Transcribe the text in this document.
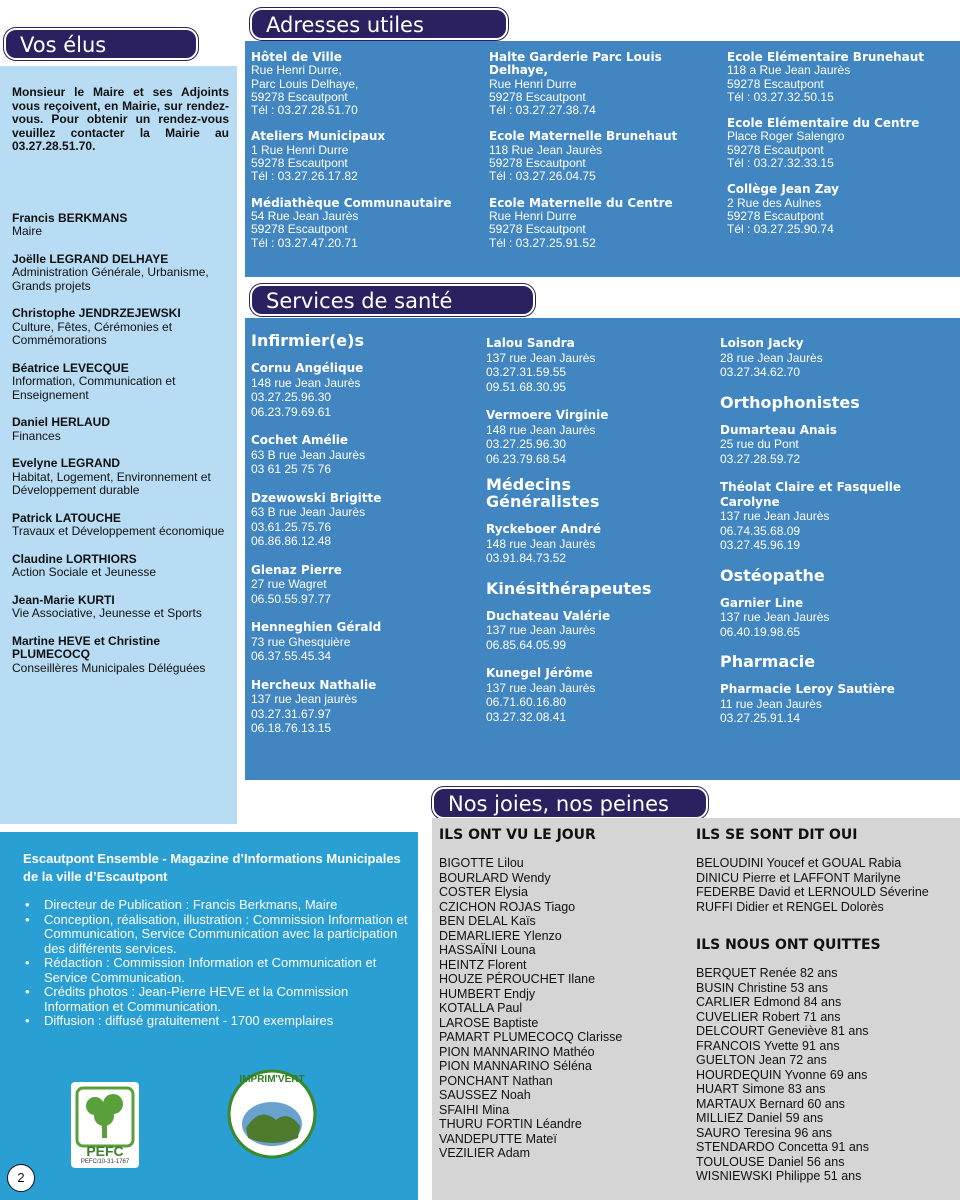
Vos élus
Adresses utiles
Services de santé
Nos joies, nos peines
Monsieur le Maire et ses Adjoints vous reçoivent, en Mairie, sur rendez-vous. Pour obtenir un rendez-vous veuillez contacter la Mairie au 03.27.28.51.70.
Francis BERKMANS
Maire
Joëlle LEGRAND DELHAYE
Administration Générale, Urbanisme, Grands projets
Christophe JENDRZEJEWSKI
Culture, Fêtes, Cérémonies et Commémorations
Béatrice LEVECQUE
Information, Communication et Enseignement
Daniel HERLAUD
Finances
Evelyne LEGRAND
Habitat, Logement, Environnement et Développement durable
Patrick LATOUCHE
Travaux et Développement économique
Claudine LORTHIORS
Action Sociale et Jeunesse
Jean-Marie KURTI
Vie Associative, Jeunesse et Sports
Martine HEVE et Christine PLUMECOCQ
Conseillères Municipales Déléguées
Hôtel de Ville
Rue Henri Durre,
Parc Louis Delhaye,
59278 Escautpont
Tél : 03.27.28.51.70
Ateliers Municipaux
1 Rue Henri Durre
59278 Escautpont
Tél : 03.27.26.17.82
Médiathèque Communautaire
54 Rue Jean Jaurès
59278 Escautpont
Tél : 03.27.47.20.71
Halte Garderie Parc Louis Delhaye,
Rue Henri Durre
59278 Escautpont
Tél : 03.27.27.38.74
Ecole Maternelle Brunehaut
118 Rue Jean Jaurès
59278 Escautpont
Tél : 03.27.26.04.75
Ecole Maternelle du Centre
Rue Henri Durre
59278 Escautpont
Tél : 03.27.25.91.52
Ecole Elémentaire Brunehaut
118 a Rue Jean Jaurès
59278 Escautpont
Tél : 03.27.32.50.15
Ecole Elémentaire du Centre
Place Roger Salengro
59278 Escautpont
Tél : 03.27.32.33.15
Collège Jean Zay
2 Rue des Aulnes
59278 Escautpont
Tél : 03.27.25.90.74
Infirmier(e)s
Cornu Angélique
148 rue Jean Jaurès
03.27.25.96.30
06.23.79.69.61
Cochet Amélie
63 B rue Jean Jaurès
03 61 25 75 76
Dzewowski Brigitte
63 B rue Jean Jaurès
03.61.25.75.76
06.86.86.12.48
Glenaz Pierre
27 rue Wagret
06.50.55.97.77
Henneghien Gérald
73 rue Ghesquière
06.37.55.45.34
Hercheux Nathalie
137 rue Jean jaurès
03.27.31.67.97
06.18.76.13.15
Lalou Sandra
137 rue Jean Jaurès
03.27.31.59.55
09.51.68.30.95
Vermoere Virginie
148 rue Jean Jaurès
03.27.25.96.30
06.23.79.68.54
Médecins Généralistes
Ryckeboer André
148 rue Jean Jaurès
03.91.84.73.52
Kinésithérapeutes
Duchateau Valérie
137 rue Jean Jaurès
06.85.64.05.99
Kunegel Jérôme
137 rue Jean Jaurès
06.71.60.16.80
03.27.32.08.41
Loison Jacky
28 rue Jean Jaurès
03.27.34.62.70
Orthophonistes
Dumarteau Anais
25 rue du Pont
03.27.28.59.72
Théolat Claire et Fasquelle Carolyne
137 rue Jean Jaurès
06.74.35.68.09
03.27.45.96.19
Ostéopathe
Garnier Line
137 rue Jean Jaurès
06.40.19.98.65
Pharmacie
Pharmacie Leroy Sautière
11 rue Jean Jaurès
03.27.25.91.14
ILS ONT VU LE JOUR
BIGOTTE Lilou
BOURLARD Wendy
COSTER Elysia
CZICHON ROJAS Tiago
BEN DELAL Kaïs
DEMARLIERE Ylenzo
HASSAÏNI Louna
HEINTZ Florent
HOUZE PÉROUCHET Ilane
HUMBERT Endjy
KOTALLA Paul
LAROSE Baptiste
PAMART PLUMECOCQ Clarisse
PION MANNARINO Mathéo
PION MANNARINO Séléna
PONCHANT Nathan
SAUSSEZ Noah
SFAIHI Mina
THURU FORTIN Léandre
VANDEPUTTE Mateï
VEZILIER Adam
ILS SE SONT DIT OUI
BELOUDINI Youcef et GOUAL Rabia
DINICU Pierre et LAFFONT Marilyne
FEDERBE David et LERNOULD Séverine
RUFFI Didier et RENGEL Dolorès
ILS NOUS ONT QUITTES
BERQUET Renée 82 ans
BUSIN Christine 53 ans
CARLIER Edmond 84 ans
CUVELIER Robert 71 ans
DELCOURT Geneviève 81 ans
FRANCOIS Yvette 91 ans
GUELTON Jean 72 ans
HOURDEQUIN Yvonne 69 ans
HUART Simone 83 ans
MARTAUX Bernard 60 ans
MILLIEZ Daniel 59 ans
SAURO Teresina 96 ans
STENDARDO Concetta 91 ans
TOULOUSE Daniel 56 ans
WISNIEWSKI Philippe 51 ans
Escautpont Ensemble - Magazine d’Informations Municipales de la ville d’Escautpont
• Directeur de Publication : Francis Berkmans, Maire
• Conception, réalisation, illustration : Commission Information et Communication, Service Communication avec la participation des différents services.
• Rédaction : Commission Information et Communication et Service Communication.
• Crédits photos : Jean-Pierre HEVE et la Commission Information et Communication.
• Diffusion : diffusé gratuitement - 1700 exemplaires
PEFC
PEFC/10-31-1767
IMPRIM'VERT
2
